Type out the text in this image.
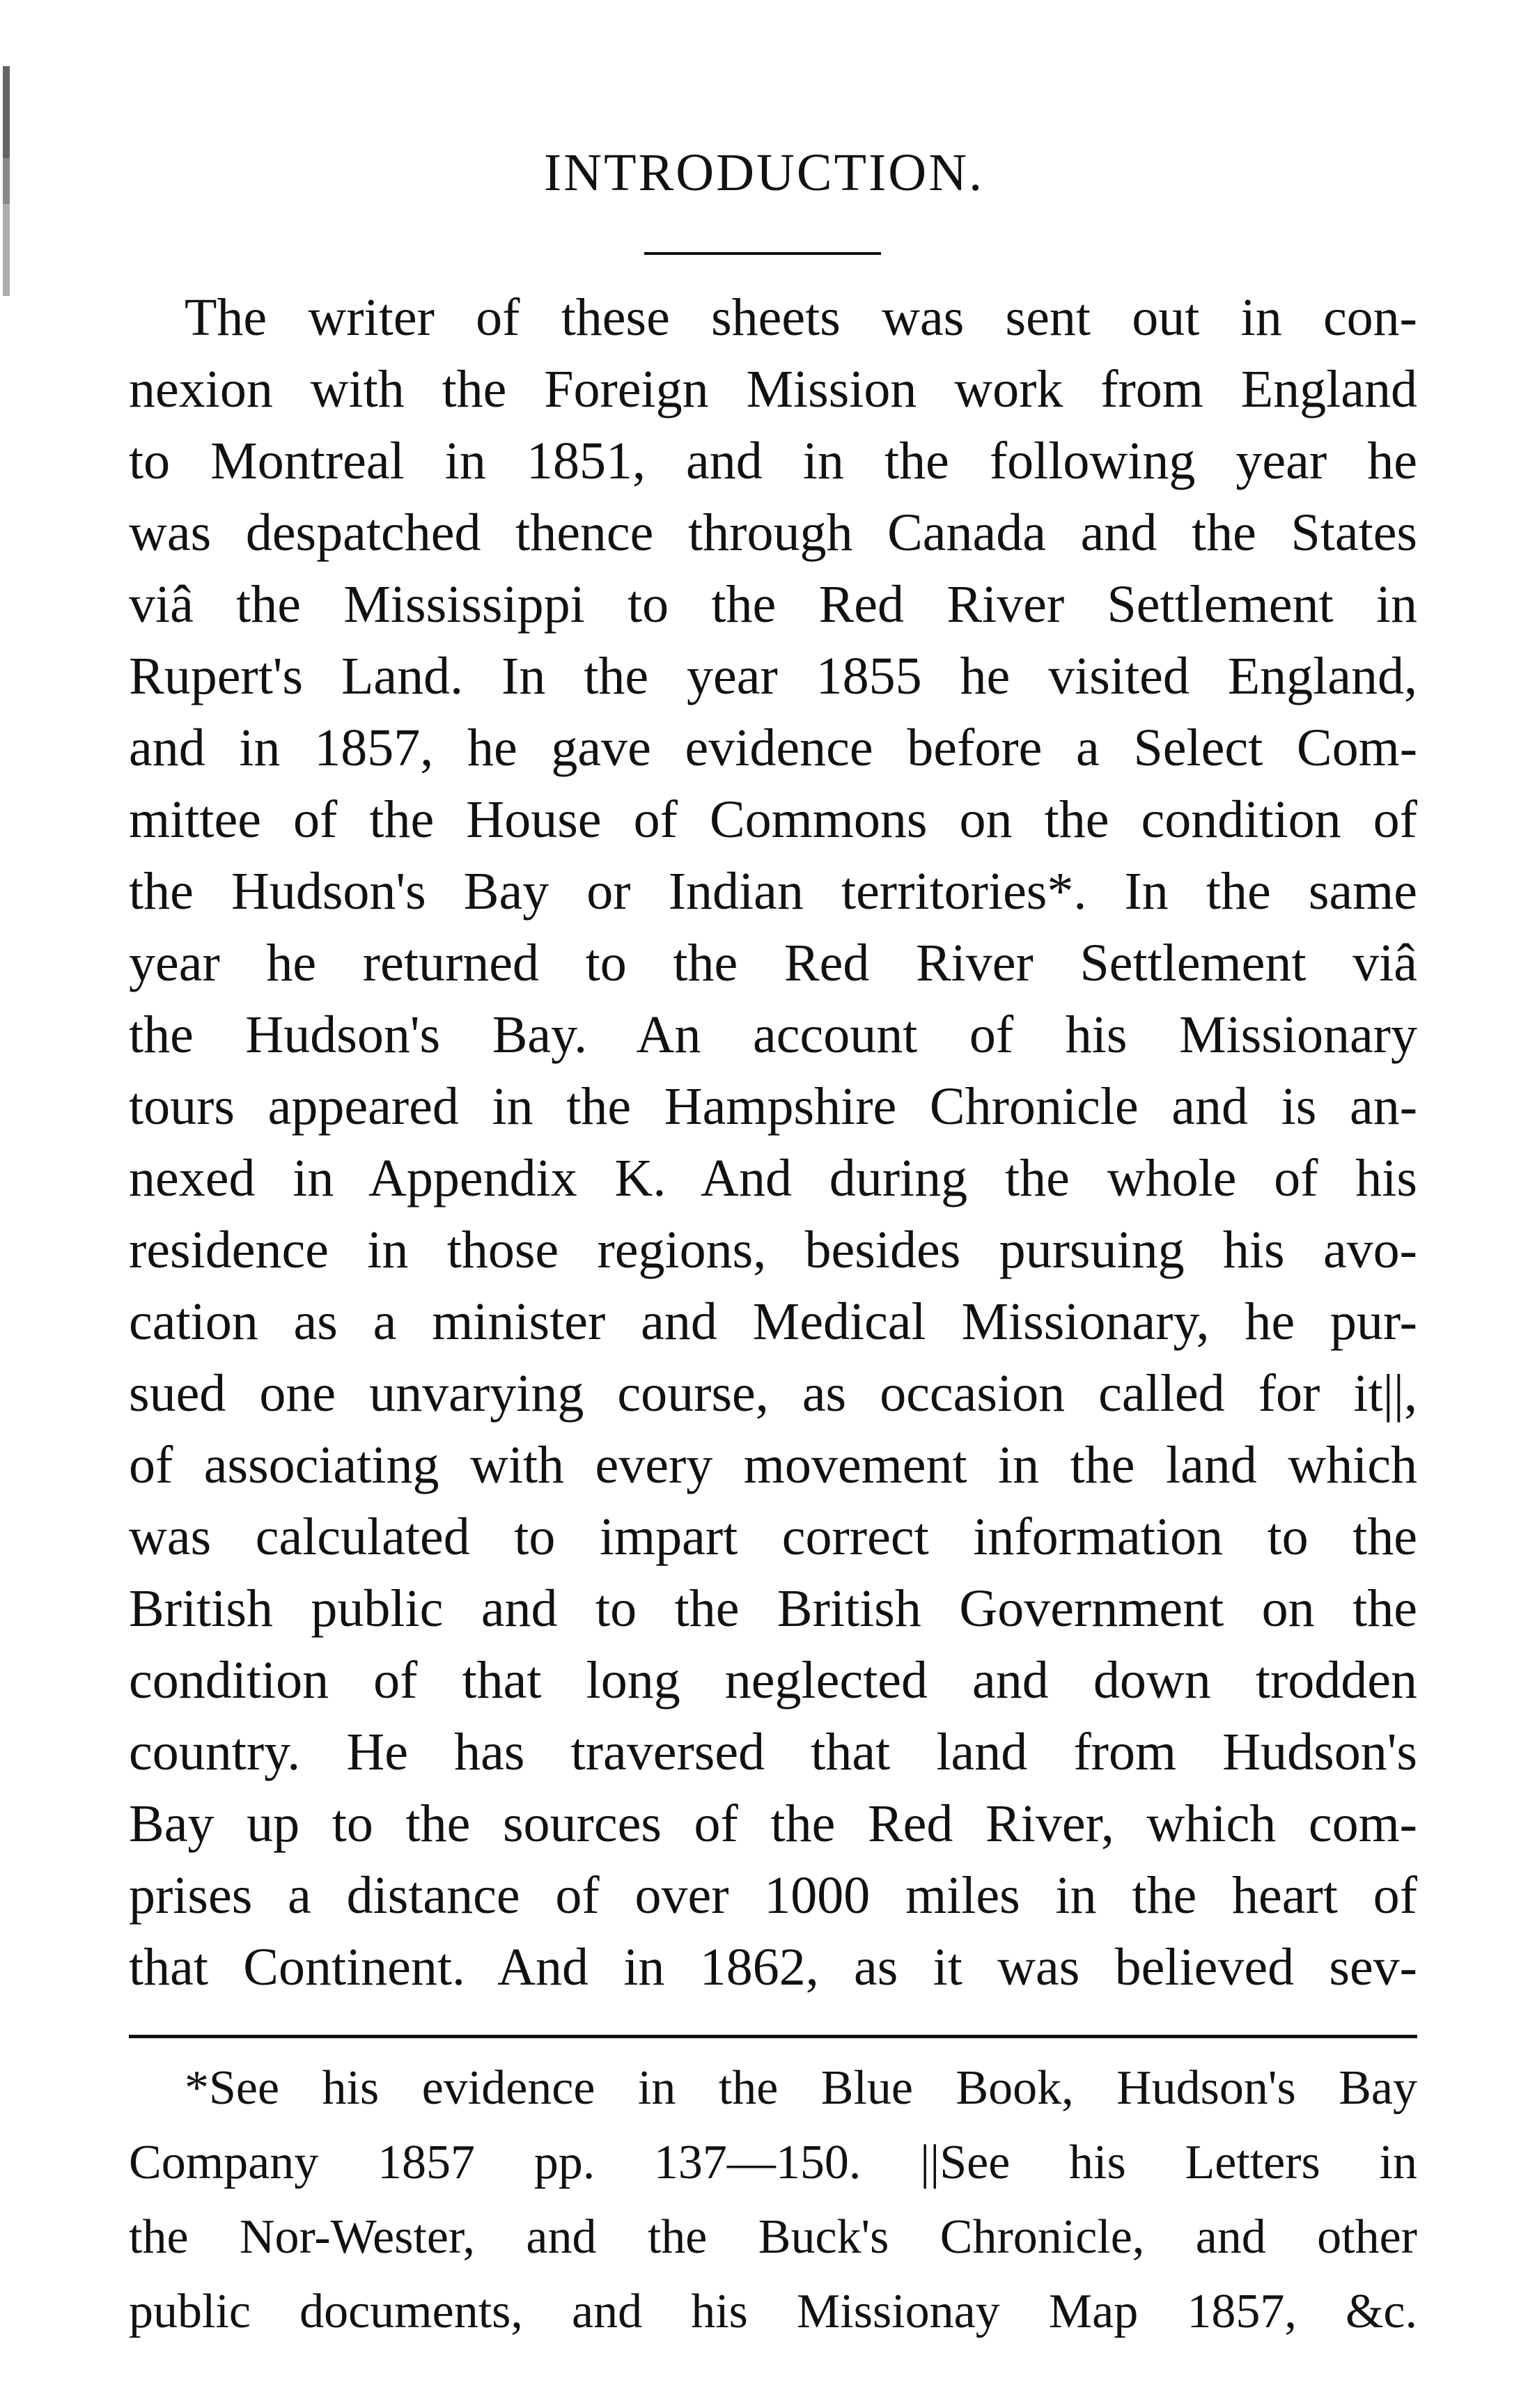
INTRODUCTION.
The writer of these sheets was sent out in con-
nexion with the Foreign Mission work from England
to Montreal in 1851, and in the following year he
was despatched thence through Canada and the States
viâ the Mississippi to the Red River Settlement in
Rupert's Land. In the year 1855 he visited England,
and in 1857, he gave evidence before a Select Com-
mittee of the House of Commons on the condition of
the Hudson's Bay or Indian territories*. In the same
year he returned to the Red River Settlement viâ
the Hudson's Bay. An account of his Missionary
tours appeared in the Hampshire Chronicle and is an-
nexed in Appendix K. And during the whole of his
residence in those regions, besides pursuing his avo-
cation as a minister and Medical Missionary, he pur-
sued one unvarying course, as occasion called for it||,
of associating with every movement in the land which
was calculated to impart correct information to the
British public and to the British Government on the
condition of that long neglected and down trodden
country. He has traversed that land from Hudson's
Bay up to the sources of the Red River, which com-
prises a distance of over 1000 miles in the heart of
that Continent. And in 1862, as it was believed sev-
*See his evidence in the Blue Book, Hudson's Bay
Company 1857 pp. 137—150. ||See his Letters in
the Nor-Wester, and the Buck's Chronicle, and other
public documents, and his Missionay Map 1857, &c.
